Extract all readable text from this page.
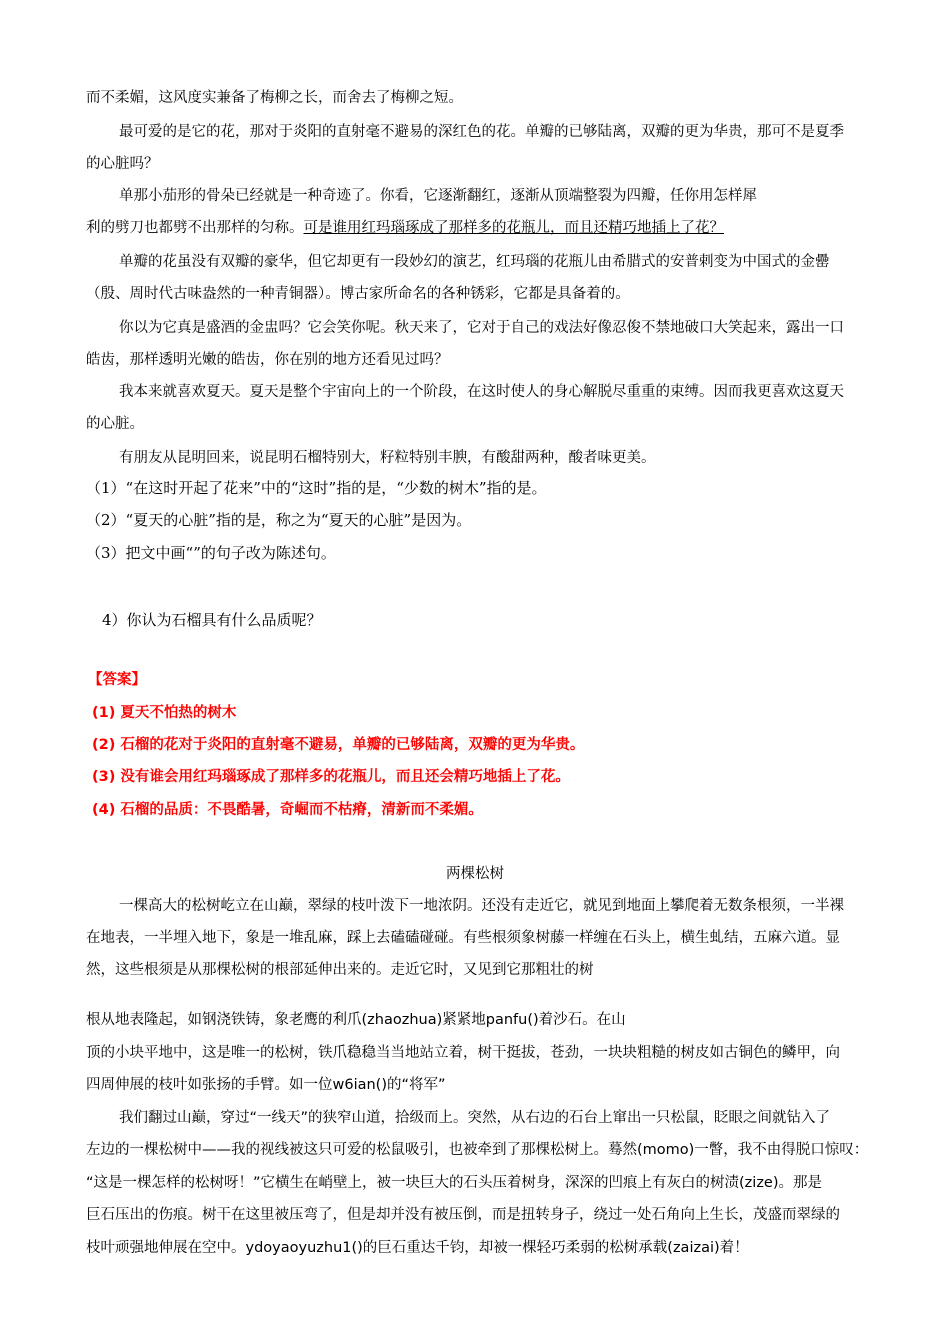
而不柔媚，这风度实兼备了梅柳之长，而舍去了梅柳之短。

最可爱的是它的花，那对于炎阳的直射毫不避易的深红色的花。单瓣的已够陆离，双瓣的更为华贵，那可不是夏季

的心脏吗？

单那小茄形的骨朵已经就是一种奇迹了。你看，它逐渐翻红，逐渐从顶端整裂为四瓣，任你用怎样犀

利的劈刀也都劈不出那样的匀称。可是谁用红玛瑙琢成了那样多的花瓶儿，而且还精巧地插上了花？

单瓣的花虽没有双瓣的豪华，但它却更有一段妙幻的演艺，红玛瑙的花瓶儿由希腊式的安普剌变为中国式的金罍

（殷、周时代古味盎然的一种青铜器）。博古家所命名的各种锈彩，它都是具备着的。

你以为它真是盛酒的金盅吗？它会笑你呢。秋天来了，它对于自己的戏法好像忍俊不禁地破口大笑起来，露出一口

皓齿，那样透明光嫩的皓齿，你在别的地方还看见过吗？

我本来就喜欢夏天。夏天是整个宇宙向上的一个阶段，在这时使人的身心解脱尽重重的束缚。因而我更喜欢这夏天

的心脏。

有朋友从昆明回来，说昆明石榴特别大，籽粒特别丰腴，有酸甜两种，酸者味更美。

（1）“在这时开起了花来”中的“这时”指的是，“少数的树木”指的是。

（2）“夏天的心脏”指的是，称之为“夏天的心脏”是因为。

（3）把文中画“”的句子改为陈述句。

4）你认为石榴具有什么品质呢？

【答案】

(1) 夏天不怕热的树木

(2) 石榴的花对于炎阳的直射毫不避易，单瓣的已够陆离，双瓣的更为华贵。

(3) 没有谁会用红玛瑙琢成了那样多的花瓶儿，而且还会精巧地插上了花。

(4) 石榴的品质：不畏酷暑，奇崛而不枯瘠，清新而不柔媚。

两棵松树

一棵高大的松树屹立在山巅，翠绿的枝叶泼下一地浓阴。还没有走近它，就见到地面上攀爬着无数条根须，一半裸

在地表，一半埋入地下，象是一堆乱麻，踩上去磕磕碰碰。有些根须象树藤一样缠在石头上，横生虬结，五麻六道。显

然，这些根须是从那棵松树的根部延伸出来的。走近它时，又见到它那粗壮的树

根从地表隆起，如钢浇铁铸，象老鹰的利爪(zhaozhua)紧紧地panfu()着沙石。在山

顶的小块平地中，这是唯一的松树，铁爪稳稳当当地站立着，树干挺拔，苍劲，一块块粗糙的树皮如古铜色的鳞甲，向

四周伸展的枝叶如张扬的手臂。如一位w6ian()的“将军”

我们翻过山巅，穿过“一线天”的狭窄山道，拾级而上。突然，从右边的石台上窜出一只松鼠，眨眼之间就钻入了

左边的一棵松树中——我的视线被这只可爱的松鼠吸引，也被牵到了那棵松树上。蓦然(momo)一瞥，我不由得脱口惊叹：

“这是一棵怎样的松树呀！”它横生在峭壁上，被一块巨大的石头压着树身，深深的凹痕上有灰白的树渍(zize)。那是

巨石压出的伤痕。树干在这里被压弯了，但是却并没有被压倒，而是扭转身子，绕过一处石角向上生长，茂盛而翠绿的

枝叶顽强地伸展在空中。ydoyaoyuzhu1()的巨石重达千钧，却被一棵轻巧柔弱的松树承载(zaizai)着！
